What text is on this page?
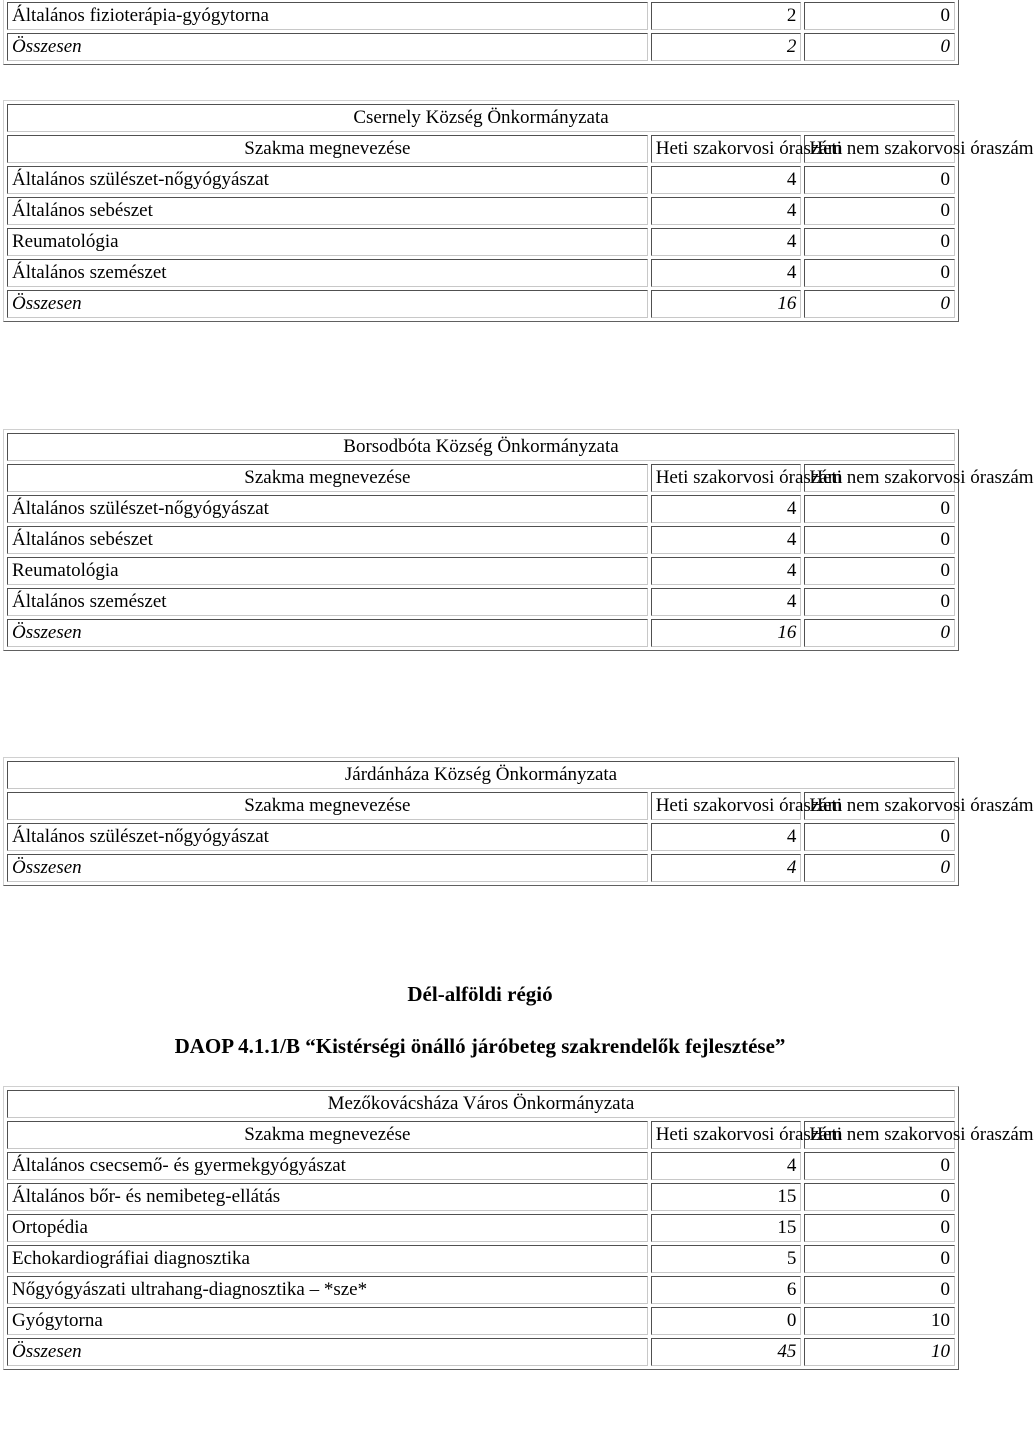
Általános fizioterápia-gyógytorna	2	0
Összesen	2	0
Csernely Község Önkormányzata		
Szakma megnevezése	Heti szakorvosi óraszám	Heti nem szakorvosi óraszám
Általános szülészet-nőgyógyászat	4	0
Általános sebészet	4	0
Reumatológia	4	0
Általános szemészet	4	0
Összesen	16	0
Borsodbóta Község Önkormányzata		
Szakma megnevezése	Heti szakorvosi óraszám	Heti nem szakorvosi óraszám
Általános szülészet-nőgyógyászat	4	0
Általános sebészet	4	0
Reumatológia	4	0
Általános szemészet	4	0
Összesen	16	0
Járdánháza Község Önkormányzata		
Szakma megnevezése	Heti szakorvosi óraszám	Heti nem szakorvosi óraszám
Általános szülészet-nőgyógyászat	4	0
Összesen	4	0
Dél-alföldi régió
DAOP 4.1.1/B “Kistérségi önálló járóbeteg szakrendelők fejlesztése”
Mezőkovácsháza Város Önkormányzata		
Szakma megnevezése	Heti szakorvosi óraszám	Heti nem szakorvosi óraszám
Általános csecsemő- és gyermekgyógyászat	4	0
Általános bőr- és nemibeteg-ellátás	15	0
Ortopédia	15	0
Echokardiográfiai diagnosztika	5	0
Nőgyógyászati ultrahang-diagnosztika – *sze*	6	0
Gyógytorna	0	10
Összesen	45	10
